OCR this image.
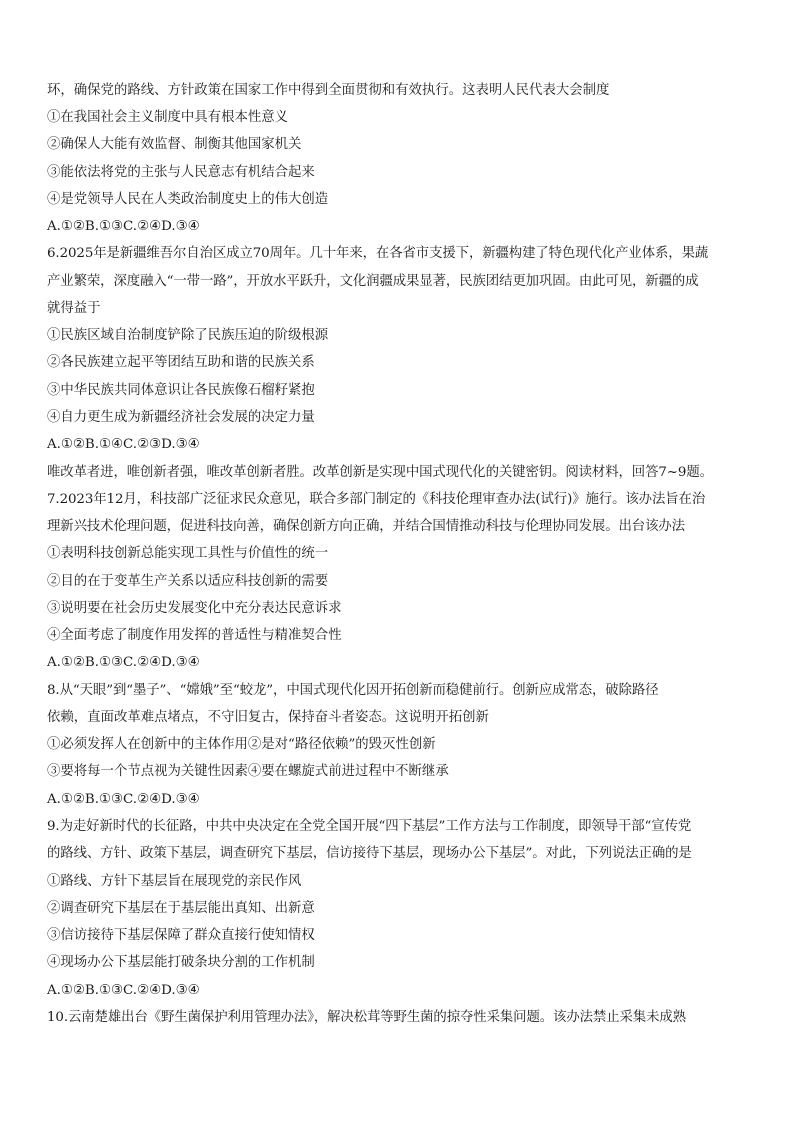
环，确保党的路线、方针政策在国家工作中得到全面贯彻和有效执行。这表明人民代表大会制度
①在我国社会主义制度中具有根本性意义
②确保人大能有效监督、制衡其他国家机关
③能依法将党的主张与人民意志有机结合起来
④是党领导人民在人类政治制度史上的伟大创造
A.①②B.①③C.②④D.③④
6.2025年是新疆维吾尔自治区成立70周年。几十年来，在各省市支援下，新疆构建了特色现代化产业体系，果蔬
产业繁荣，深度融入“一带一路”，开放水平跃升，文化润疆成果显著，民族团结更加巩固。由此可见，新疆的成
就得益于
①民族区域自治制度铲除了民族压迫的阶级根源
②各民族建立起平等团结互助和谐的民族关系
③中华民族共同体意识让各民族像石榴籽紧抱
④自力更生成为新疆经济社会发展的决定力量
A.①②B.①④C.②③D.③④
唯改革者进，唯创新者强，唯改革创新者胜。改革创新是实现中国式现代化的关键密钥。阅读材料，回答7~9题。
7.2023年12月，科技部广泛征求民众意见，联合多部门制定的《科技伦理审查办法(试行)》施行。该办法旨在治
理新兴技术伦理问题，促进科技向善，确保创新方向正确，并结合国情推动科技与伦理协同发展。出台该办法
①表明科技创新总能实现工具性与价值性的统一
②目的在于变革生产关系以适应科技创新的需要
③说明要在社会历史发展变化中充分表达民意诉求
④全面考虑了制度作用发挥的普适性与精准契合性
A.①②B.①③C.②④D.③④
8.从“天眼”到“墨子”、“嫦娥”至“蛟龙”，中国式现代化因开拓创新而稳健前行。创新应成常态，破除路径
依赖，直面改革难点堵点，不守旧复古，保持奋斗者姿态。这说明开拓创新
①必须发挥人在创新中的主体作用②是对“路径依赖”的毁灭性创新
③要将每一个节点视为关键性因素④要在螺旋式前进过程中不断继承
A.①②B.①③C.②④D.③④
9.为走好新时代的长征路，中共中央决定在全党全国开展“四下基层”工作方法与工作制度，即领导干部“宣传党
的路线、方针、政策下基层，调查研究下基层，信访接待下基层，现场办公下基层”。对此，下列说法正确的是
①路线、方针下基层旨在展现党的亲民作风
②调查研究下基层在于基层能出真知、出新意
③信访接待下基层保障了群众直接行使知情权
④现场办公下基层能打破条块分割的工作机制
A.①②B.①③C.②④D.③④
10.云南楚雄出台《野生菌保护利用管理办法》，解决松茸等野生菌的掠夺性采集问题。该办法禁止采集未成熟
